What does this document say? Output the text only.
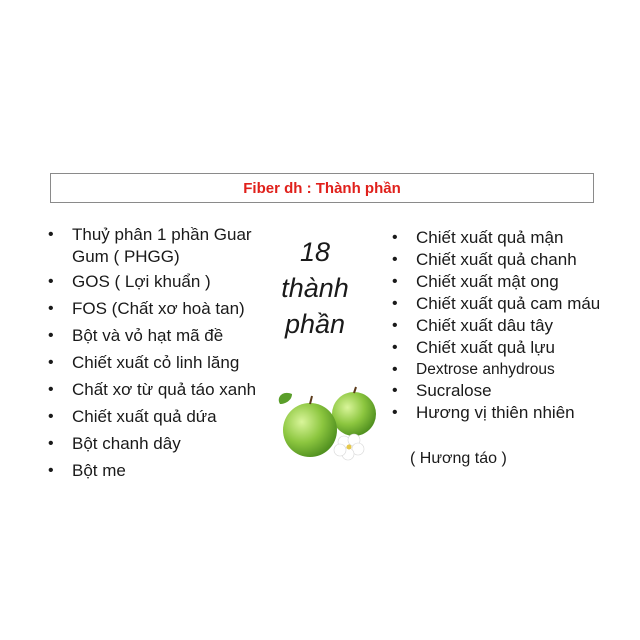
Fiber dh : Thành phần
• Thuỷ phân 1 phần Guar Gum ( PHGG)
• GOS ( Lợi khuẩn )
• FOS (Chất xơ hoà tan)
• Bột và vỏ hạt mã đề
• Chiết xuất cỏ linh lăng
• Chất xơ từ quả táo xanh
• Chiết xuất quả dứa
• Bột chanh dây
• Bột me
18
thành
phần
• Chiết xuất quả mận
• Chiết xuất quả chanh
• Chiết xuất mật ong
• Chiết xuất quả cam máu
• Chiết xuất dâu tây
• Chiết xuất quả lựu
• Dextrose anhydrous
• Sucralose
• Hương vị thiên nhiên
( Hương táo )
